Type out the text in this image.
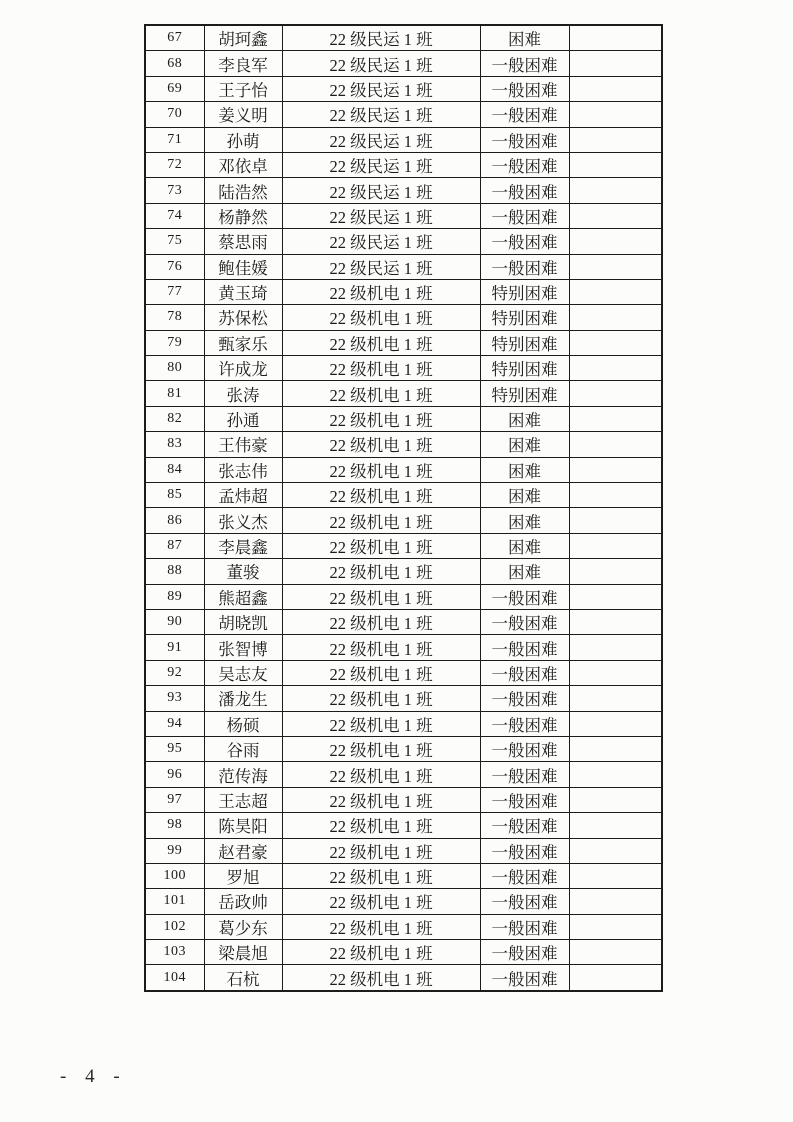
67	胡珂鑫	22 级民运 1 班	困难	
68	李良军	22 级民运 1 班	一般困难	
69	王子怡	22 级民运 1 班	一般困难	
70	姜义明	22 级民运 1 班	一般困难	
71	孙萌	22 级民运 1 班	一般困难	
72	邓依卓	22 级民运 1 班	一般困难	
73	陆浩然	22 级民运 1 班	一般困难	
74	杨静然	22 级民运 1 班	一般困难	
75	蔡思雨	22 级民运 1 班	一般困难	
76	鲍佳媛	22 级民运 1 班	一般困难	
77	黄玉琦	22 级机电 1 班	特别困难	
78	苏保松	22 级机电 1 班	特别困难	
79	甄家乐	22 级机电 1 班	特别困难	
80	许成龙	22 级机电 1 班	特别困难	
81	张涛	22 级机电 1 班	特别困难	
82	孙通	22 级机电 1 班	困难	
83	王伟豪	22 级机电 1 班	困难	
84	张志伟	22 级机电 1 班	困难	
85	孟炜超	22 级机电 1 班	困难	
86	张义杰	22 级机电 1 班	困难	
87	李晨鑫	22 级机电 1 班	困难	
88	董骏	22 级机电 1 班	困难	
89	熊超鑫	22 级机电 1 班	一般困难	
90	胡晓凯	22 级机电 1 班	一般困难	
91	张智博	22 级机电 1 班	一般困难	
92	吴志友	22 级机电 1 班	一般困难	
93	潘龙生	22 级机电 1 班	一般困难	
94	杨硕	22 级机电 1 班	一般困难	
95	谷雨	22 级机电 1 班	一般困难	
96	范传海	22 级机电 1 班	一般困难	
97	王志超	22 级机电 1 班	一般困难	
98	陈昊阳	22 级机电 1 班	一般困难	
99	赵君豪	22 级机电 1 班	一般困难	
100	罗旭	22 级机电 1 班	一般困难	
101	岳政帅	22 级机电 1 班	一般困难	
102	葛少东	22 级机电 1 班	一般困难	
103	梁晨旭	22 级机电 1 班	一般困难	
104	石杭	22 级机电 1 班	一般困难	
- 4 -
